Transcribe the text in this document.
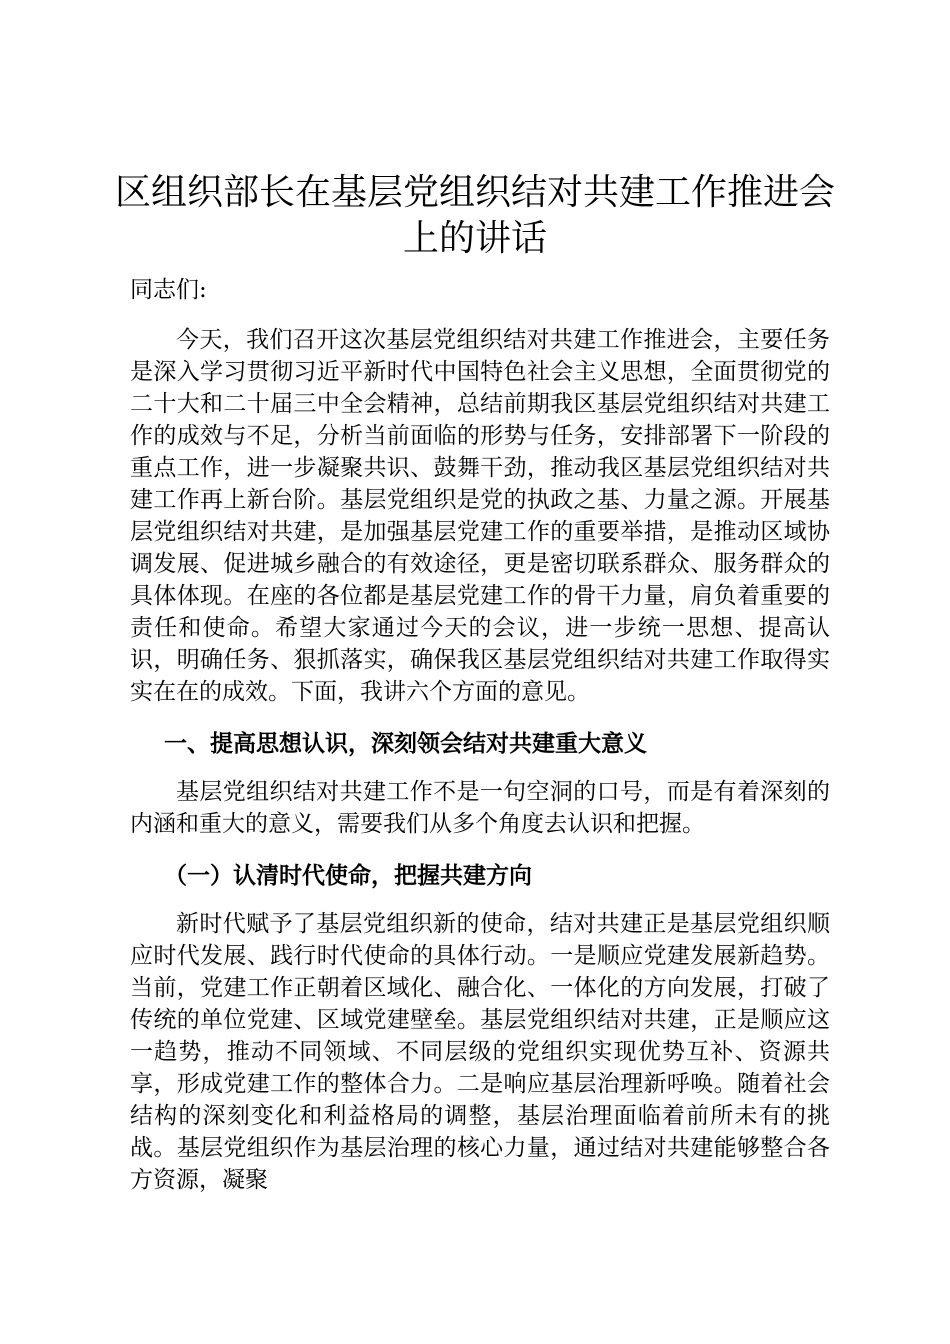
区组织部长在基层党组织结对共建工作推进会上的讲话

同志们:

今天，我们召开这次基层党组织结对共建工作推进会，主要任务是深入学习贯彻习近平新时代中国特色社会主义思想，全面贯彻党的二十大和二十届三中全会精神，总结前期我区基层党组织结对共建工作的成效与不足，分析当前面临的形势与任务，安排部署下一阶段的重点工作，进一步凝聚共识、鼓舞干劲，推动我区基层党组织结对共建工作再上新台阶。基层党组织是党的执政之基、力量之源。开展基层党组织结对共建，是加强基层党建工作的重要举措，是推动区域协调发展、促进城乡融合的有效途径，更是密切联系群众、服务群众的具体体现。在座的各位都是基层党建工作的骨干力量，肩负着重要的责任和使命。希望大家通过今天的会议，进一步统一思想、提高认识，明确任务、狠抓落实，确保我区基层党组织结对共建工作取得实实在在的成效。下面，我讲六个方面的意见。

一、提高思想认识，深刻领会结对共建重大意义

基层党组织结对共建工作不是一句空洞的口号，而是有着深刻的内涵和重大的意义，需要我们从多个角度去认识和把握。

（一）认清时代使命，把握共建方向

新时代赋予了基层党组织新的使命，结对共建正是基层党组织顺应时代发展、践行时代使命的具体行动。一是顺应党建发展新趋势。当前，党建工作正朝着区域化、融合化、一体化的方向发展，打破了传统的单位党建、区域党建壁垒。基层党组织结对共建，正是顺应这一趋势，推动不同领域、不同层级的党组织实现优势互补、资源共享，形成党建工作的整体合力。二是响应基层治理新呼唤。随着社会结构的深刻变化和利益格局的调整，基层治理面临着前所未有的挑战。基层党组织作为基层治理的核心力量，通过结对共建能够整合各方资源，凝聚
